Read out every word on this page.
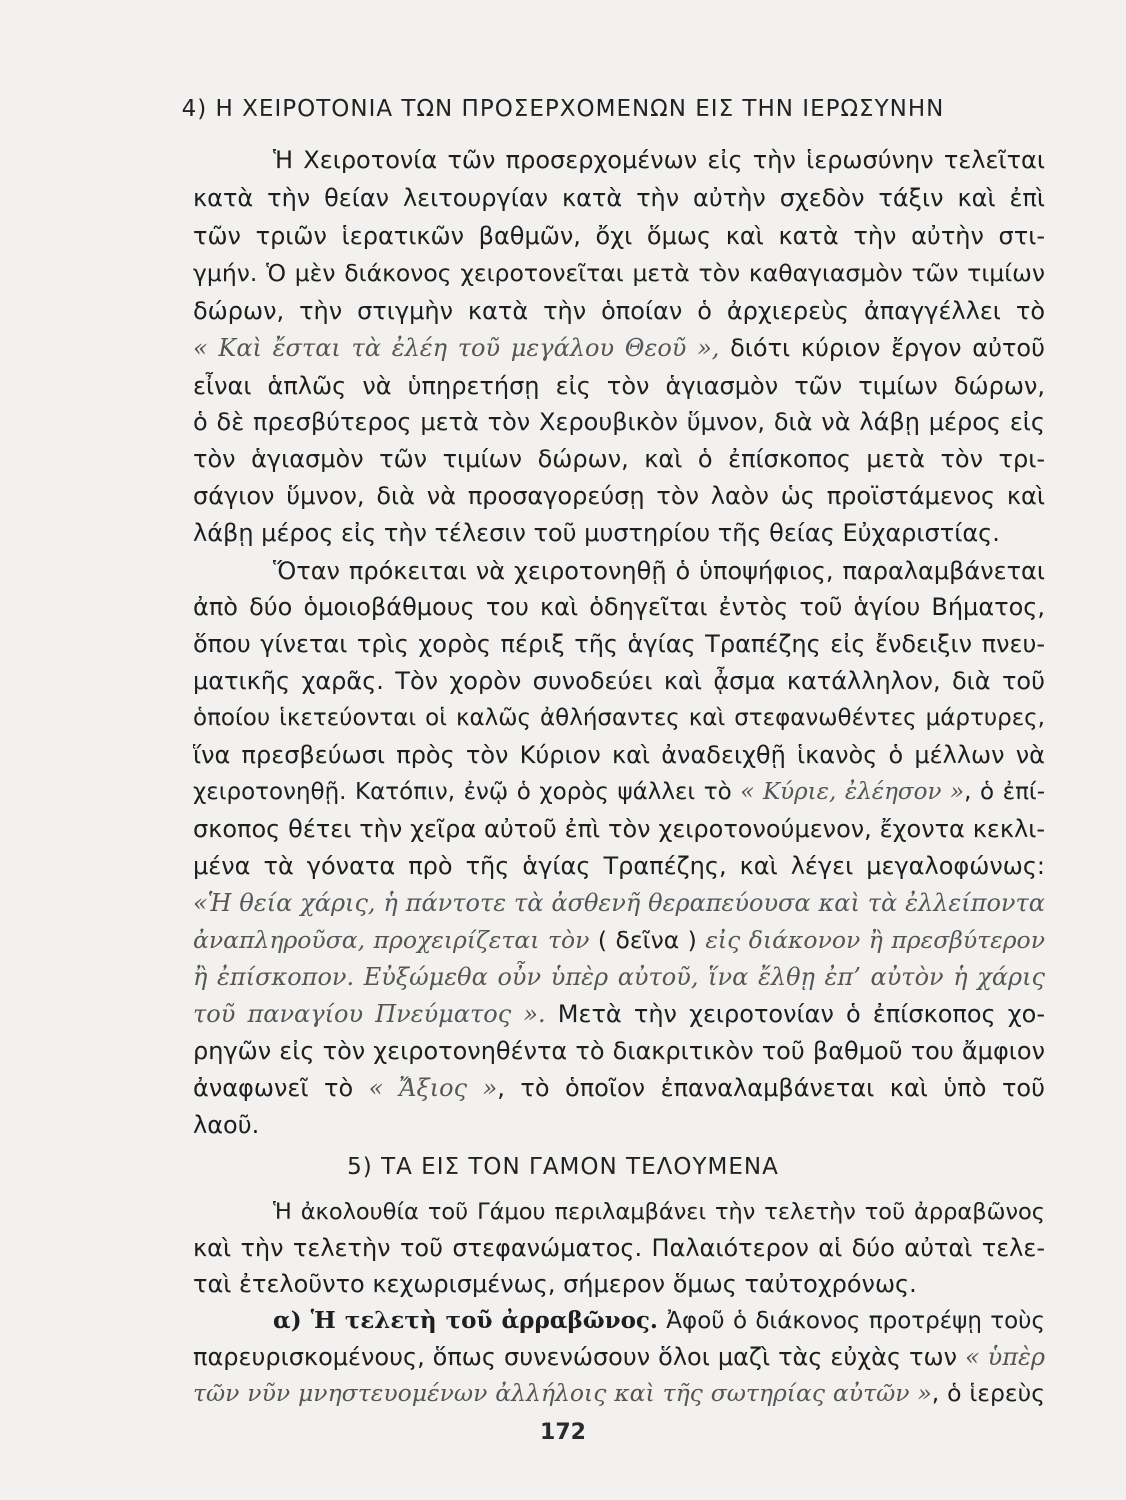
4) Η ΧΕΙΡΟΤΟΝΙΑ ΤΩΝ ΠΡΟΣΕΡΧΟΜΕΝΩΝ ΕΙΣ ΤΗΝ ΙΕΡΩΣΥΝΗΝ
Ἡ Χειροτονία τῶν προσερχομένων εἰς τὴν ἱερωσύνην τελεῖται
κατὰ τὴν θείαν λειτουργίαν κατὰ τὴν αὐτὴν σχεδὸν τάξιν καὶ ἐπὶ
τῶν τριῶν ἱερατικῶν βαθμῶν, ὄχι ὅμως καὶ κατὰ τὴν αὐτὴν στι-
γμήν. Ὁ μὲν διάκονος χειροτονεῖται μετὰ τὸν καθαγιασμὸν τῶν τιμίων
δώρων, τὴν στιγμὴν κατὰ τὴν ὁποίαν ὁ ἀρχιερεὺς ἀπαγγέλλει τὸ
« Καὶ ἔσται τὰ ἐλέη τοῦ μεγάλου Θεοῦ », διότι κύριον ἔργον αὐτοῦ
εἶναι ἁπλῶς νὰ ὑπηρετήσῃ εἰς τὸν ἁγιασμὸν τῶν τιμίων δώρων,
ὁ δὲ πρεσβύτερος μετὰ τὸν Χερουβικὸν ὕμνον, διὰ νὰ λάβῃ μέρος εἰς
τὸν ἁγιασμὸν τῶν τιμίων δώρων, καὶ ὁ ἐπίσκοπος μετὰ τὸν τρι-
σάγιον ὕμνον, διὰ νὰ προσαγορεύσῃ τὸν λαὸν ὡς προϊστάμενος καὶ
λάβῃ μέρος εἰς τὴν τέλεσιν τοῦ μυστηρίου τῆς θείας Εὐχαριστίας.
Ὅταν πρόκειται νὰ χειροτονηθῇ ὁ ὑποψήφιος, παραλαμβάνεται
ἀπὸ δύο ὁμοιοβάθμους του καὶ ὁδηγεῖται ἐντὸς τοῦ ἁγίου Βήματος,
ὅπου γίνεται τρὶς χορὸς πέριξ τῆς ἁγίας Τραπέζης εἰς ἔνδειξιν πνευ-
ματικῆς χαρᾶς. Τὸν χορὸν συνοδεύει καὶ ᾆσμα κατάλληλον, διὰ τοῦ
ὁποίου ἱκετεύονται οἱ καλῶς ἀθλήσαντες καὶ στεφανωθέντες μάρτυρες,
ἵνα πρεσβεύωσι πρὸς τὸν Κύριον καὶ ἀναδειχθῇ ἱκανὸς ὁ μέλλων νὰ
χειροτονηθῇ. Κατόπιν, ἐνῷ ὁ χορὸς ψάλλει τὸ « Κύριε, ἐλέησον », ὁ ἐπί-
σκοπος θέτει τὴν χεῖρα αὐτοῦ ἐπὶ τὸν χειροτονούμενον, ἔχοντα κεκλι-
μένα τὰ γόνατα πρὸ τῆς ἁγίας Τραπέζης, καὶ λέγει μεγαλοφώνως:
«Ἡ θεία χάρις, ἡ πάντοτε τὰ ἀσθενῆ θεραπεύουσα καὶ τὰ ἐλλείποντα
ἀναπληροῦσα, προχειρίζεται τὸν ( δεῖνα ) εἰς διάκονον ἢ πρεσβύτερον
ἢ ἐπίσκοπον. Εὐξώμεθα οὖν ὑπὲρ αὐτοῦ, ἵνα ἔλθῃ ἐπ’ αὐτὸν ἡ χάρις
τοῦ παναγίου Πνεύματος ». Μετὰ τὴν χειροτονίαν ὁ ἐπίσκοπος χο-
ρηγῶν εἰς τὸν χειροτονηθέντα τὸ διακριτικὸν τοῦ βαθμοῦ του ἄμφιον
ἀναφωνεῖ τὸ « Ἄξιος », τὸ ὁποῖον ἐπαναλαμβάνεται καὶ ὑπὸ τοῦ
λαοῦ.
5) ΤΑ ΕΙΣ ΤΟΝ ΓΑΜΟΝ ΤΕΛΟΥΜΕΝΑ
Ἡ ἀκολουθία τοῦ Γάμου περιλαμβάνει τὴν τελετὴν τοῦ ἀρραβῶνος
καὶ τὴν τελετὴν τοῦ στεφανώματος. Παλαιότερον αἱ δύο αὐταὶ τελε-
ταὶ ἐτελοῦντο κεχωρισμένως, σήμερον ὅμως ταὐτοχρόνως.
α) Ἡ τελετὴ τοῦ ἀρραβῶνος. Ἀφοῦ ὁ διάκονος προτρέψῃ τοὺς
παρευρισκομένους, ὅπως συνενώσουν ὅλοι μαζὶ τὰς εὐχὰς των « ὑπὲρ
τῶν νῦν μνηστευομένων ἀλλήλοις καὶ τῆς σωτηρίας αὐτῶν », ὁ ἱερεὺς
172
